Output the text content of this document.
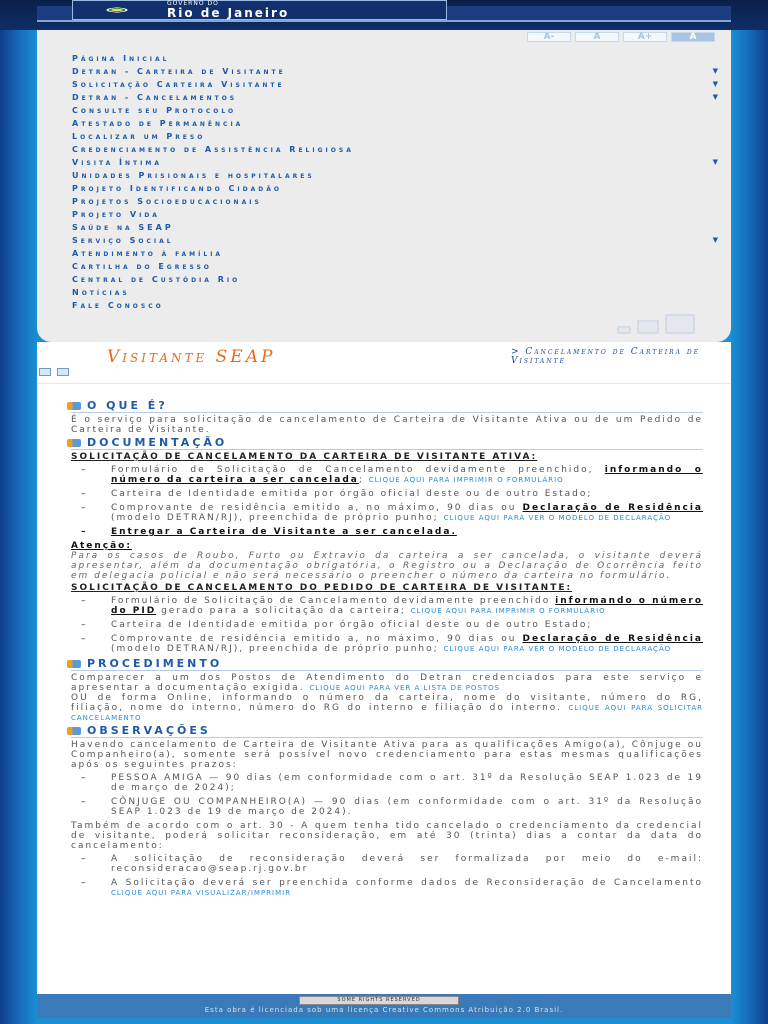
GOVERNO DO
Rio de Janeiro
A-	A	A+	A
Página Inicial
Detran - Carteira de Visitante	▼
Solicitação Carteira Visitante	▼
Detran - Cancelamentos	▼
Consulte seu Protocolo
Atestado de Permanência
Localizar um Preso
Credenciamento de Assistência Religiosa
Visita Íntima	▼
Unidades Prisionais e hospitalares
Projeto Identificando Cidadão
Projetos Socioeducacionais
Projeto Vida
Saúde na SEAP
Serviço Social	▼
Atendimento à família
Cartilha do Egresso
Central de Custódia Rio
Notícias
Fale Conosco
Visitante SEAP	> Cancelamento de Carteira de Visitante
O QUE É?

É o serviço para solicitação de cancelamento de Carteira de Visitante Ativa ou de um Pedido de Carteira de Visitante.

DOCUMENTAÇÃO

SOLICITAÇÃO DE CANCELAMENTO DA CARTEIRA DE VISITANTE ATIVA:

– Formulário de Solicitação de Cancelamento devidamente preenchido, informando o número da carteira a ser cancelada; CLIQUE AQUI PARA IMPRIMIR O FORMULÁRIO
– Carteira de Identidade emitida por órgão oficial deste ou de outro Estado;
– Comprovante de residência emitido a, no máximo, 90 dias ou Declaração de Residência (modelo DETRAN/RJ), preenchida de próprio punho; CLIQUE AQUI PARA VER O MODELO DE DECLARAÇÃO
– Entregar a Carteira de Visitante a ser cancelada.

Atenção:

Para os casos de Roubo, Furto ou Extravio da carteira a ser cancelada, o visitante deverá apresentar, além da documentação obrigatória, o Registro ou a Declaração de Ocorrência feito em delegacia policial e não será necessário o preencher o número da carteira no formulário.

SOLICITAÇÃO DE CANCELAMENTO DO PEDIDO DE CARTEIRA DE VISITANTE:

– Formulário de Solicitação de Cancelamento devidamente preenchido informando o número do PID gerado para a solicitação da carteira; CLIQUE AQUI PARA IMPRIMIR O FORMULÁRIO
– Carteira de Identidade emitida por órgão oficial deste ou de outro Estado;
– Comprovante de residência emitido a, no máximo, 90 dias ou Declaração de Residência (modelo DETRAN/RJ), preenchida de próprio punho; CLIQUE AQUI PARA VER O MODELO DE DECLARAÇÃO
PROCEDIMENTO

Comparecer a um dos Postos de Atendimento do Detran credenciados para este serviço e apresentar a documentação exigida. CLIQUE AQUI PARA VER A LISTA DE POSTOS

OU de forma Online, informando o número da carteira, nome do visitante, número do RG, filiação, nome do interno, número do RG do interno e filiação do interno. CLIQUE AQUI PARA SOLICITAR CANCELAMENTO

OBSERVAÇÕES

Havendo cancelamento de Carteira de Visitante Ativa para as qualificações Amigo(a), Cônjuge ou Companheiro(a), somente será possível novo credenciamento para estas mesmas qualificações após os seguintes prazos:

– PESSOA AMIGA — 90 dias (em conformidade com o art. 31º da Resolução SEAP 1.023 de 19 de março de 2024);
– CÔNJUGE OU COMPANHEIRO(A) — 90 dias (em conformidade com o art. 31º da Resolução SEAP 1.023 de 19 de março de 2024).

Também de acordo com o art. 30 - A quem tenha tido cancelado o credenciamento da credencial de visitante, poderá solicitar reconsideração, em até 30 (trinta) dias a contar da data do cancelamento:

– A solicitação de reconsideração deverá ser formalizada por meio do e-mail: reconsideracao@seap.rj.gov.br
– A Solicitação deverá ser preenchida conforme dados de Reconsideração de Cancelamento CLIQUE AQUI PARA VISUALIZAR/IMPRIMIR
SOME RIGHTS RESERVED
Esta obra é licenciada sob uma licença Creative Commons Atribuição 2.0 Brasil.
